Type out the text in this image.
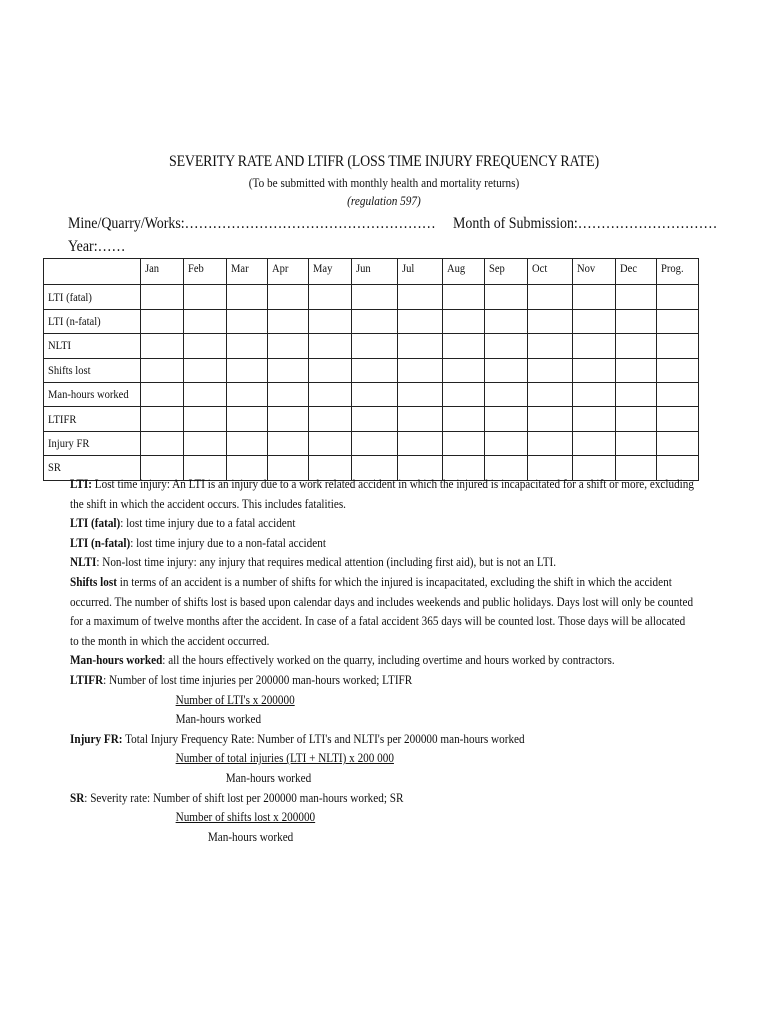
SEVERITY RATE AND LTIFR (LOSS TIME INJURY FREQUENCY RATE)
(To be submitted with monthly health and mortality returns)
(regulation 597)
Mine/Quarry/Works:……………………………………………… Month of Submission:…………………………
Year:……
	Jan	Feb	Mar	Apr	May	Jun	Jul	Aug	Sep	Oct	Nov	Dec	Prog.
LTI (fatal)													
LTI (n-fatal)													
NLTI													
Shifts lost													
Man-hours worked													
LTIFR													
Injury FR													
SR													

LTI: Lost time injury: An LTI is an injury due to a work related accident in which the injured is incapacitated for a shift or more, excluding the shift in which the accident occurs. This includes fatalities.

LTI (fatal): lost time injury due to a fatal accident

LTI (n-fatal): lost time injury due to a non-fatal accident

NLTI: Non-lost time injury: any injury that requires medical attention (including first aid), but is not an LTI.

Shifts lost in terms of an accident is a number of shifts for which the injured is incapacitated, excluding the shift in which the accident occurred. The number of shifts lost is based upon calendar days and includes weekends and public holidays. Days lost will only be counted for a maximum of twelve months after the accident. In case of a fatal accident 365 days will be counted lost. Those days will be allocated to the month in which the accident occurred.

Man-hours worked: all the hours effectively worked on the quarry, including overtime and hours worked by contractors.

LTIFR: Number of lost time injuries per 200000 man-hours worked; LTIFR

Number of LTI's x 200000

Man-hours worked

Injury FR: Total Injury Frequency Rate: Number of LTI's and NLTI's per 200000 man-hours worked

Number of total injuries (LTI + NLTI) x 200 000

Man-hours worked

SR: Severity rate: Number of shift lost per 200000 man-hours worked; SR

Number of shifts lost x 200000

Man-hours worked
